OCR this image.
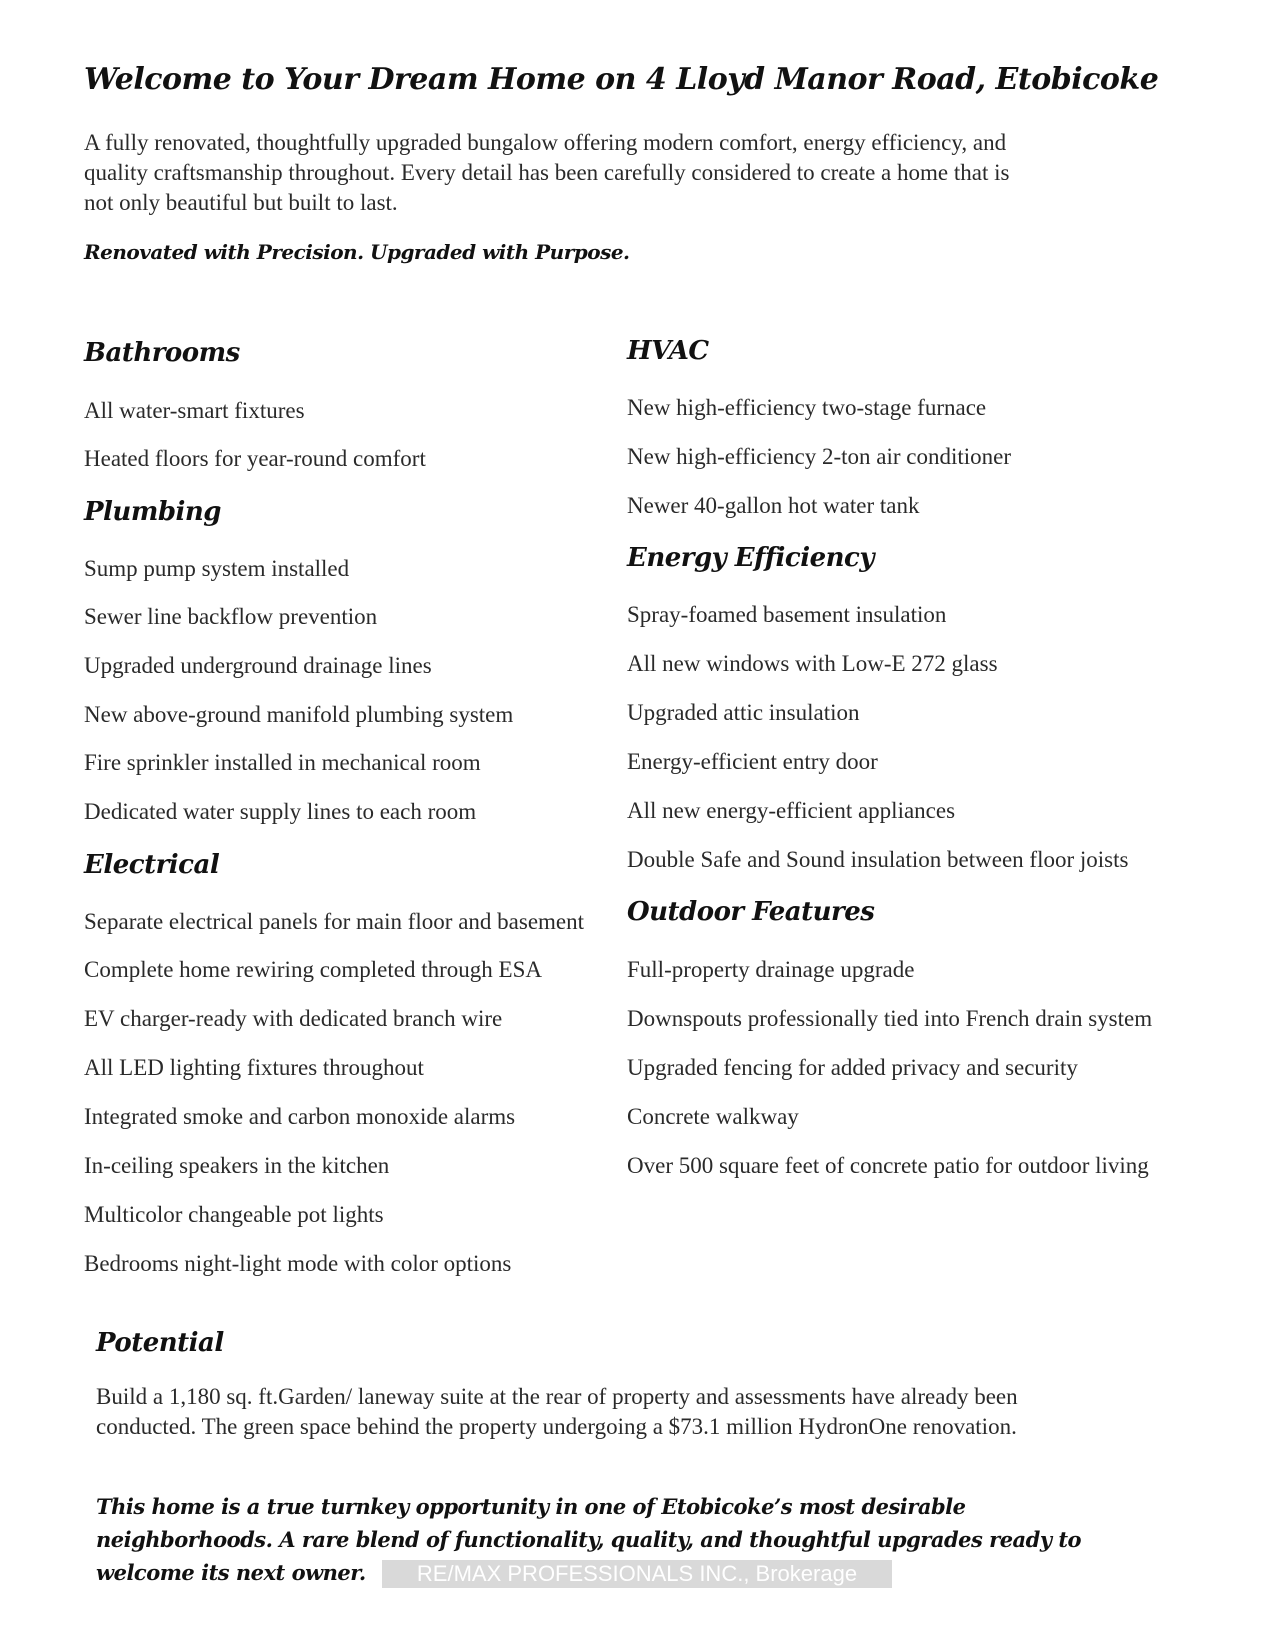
Welcome to Your Dream Home on 4 Lloyd Manor Road, Etobicoke

A fully renovated, thoughtfully upgraded bungalow offering modern comfort, energy efficiency, and quality craftsmanship throughout. Every detail has been carefully considered to create a home that is not only beautiful but built to last.

Renovated with Precision. Upgraded with Purpose.

Bathrooms

All water-smart fixtures

Heated floors for year-round comfort

Plumbing

Sump pump system installed

Sewer line backflow prevention

Upgraded underground drainage lines

New above-ground manifold plumbing system

Fire sprinkler installed in mechanical room

Dedicated water supply lines to each room

Electrical

Separate electrical panels for main floor and basement

Complete home rewiring completed through ESA

EV charger-ready with dedicated branch wire

All LED lighting fixtures throughout

Integrated smoke and carbon monoxide alarms

In-ceiling speakers in the kitchen

Multicolor changeable pot lights

Bedrooms night-light mode with color options

HVAC

New high-efficiency two-stage furnace

New high-efficiency 2-ton air conditioner

Newer 40-gallon hot water tank

Energy Efficiency

Spray-foamed basement insulation

All new windows with Low-E 272 glass

Upgraded attic insulation

Energy-efficient entry door

All new energy-efficient appliances

Double Safe and Sound insulation between floor joists

Outdoor Features

Full-property drainage upgrade

Downspouts professionally tied into French drain system

Upgraded fencing for added privacy and security

Concrete walkway

Over 500 square feet of concrete patio for outdoor living

Potential

Build a 1,180 sq. ft.Garden/ laneway suite at the rear of property and assessments have already been conducted. The green space behind the property undergoing a $73.1 million HydronOne renovation.

This home is a true turnkey opportunity in one of Etobicoke’s most desirable neighborhoods. A rare blend of functionality, quality, and thoughtful upgrades ready to welcome its next owner.	RE/MAX PROFESSIONALS INC., Brokerage
